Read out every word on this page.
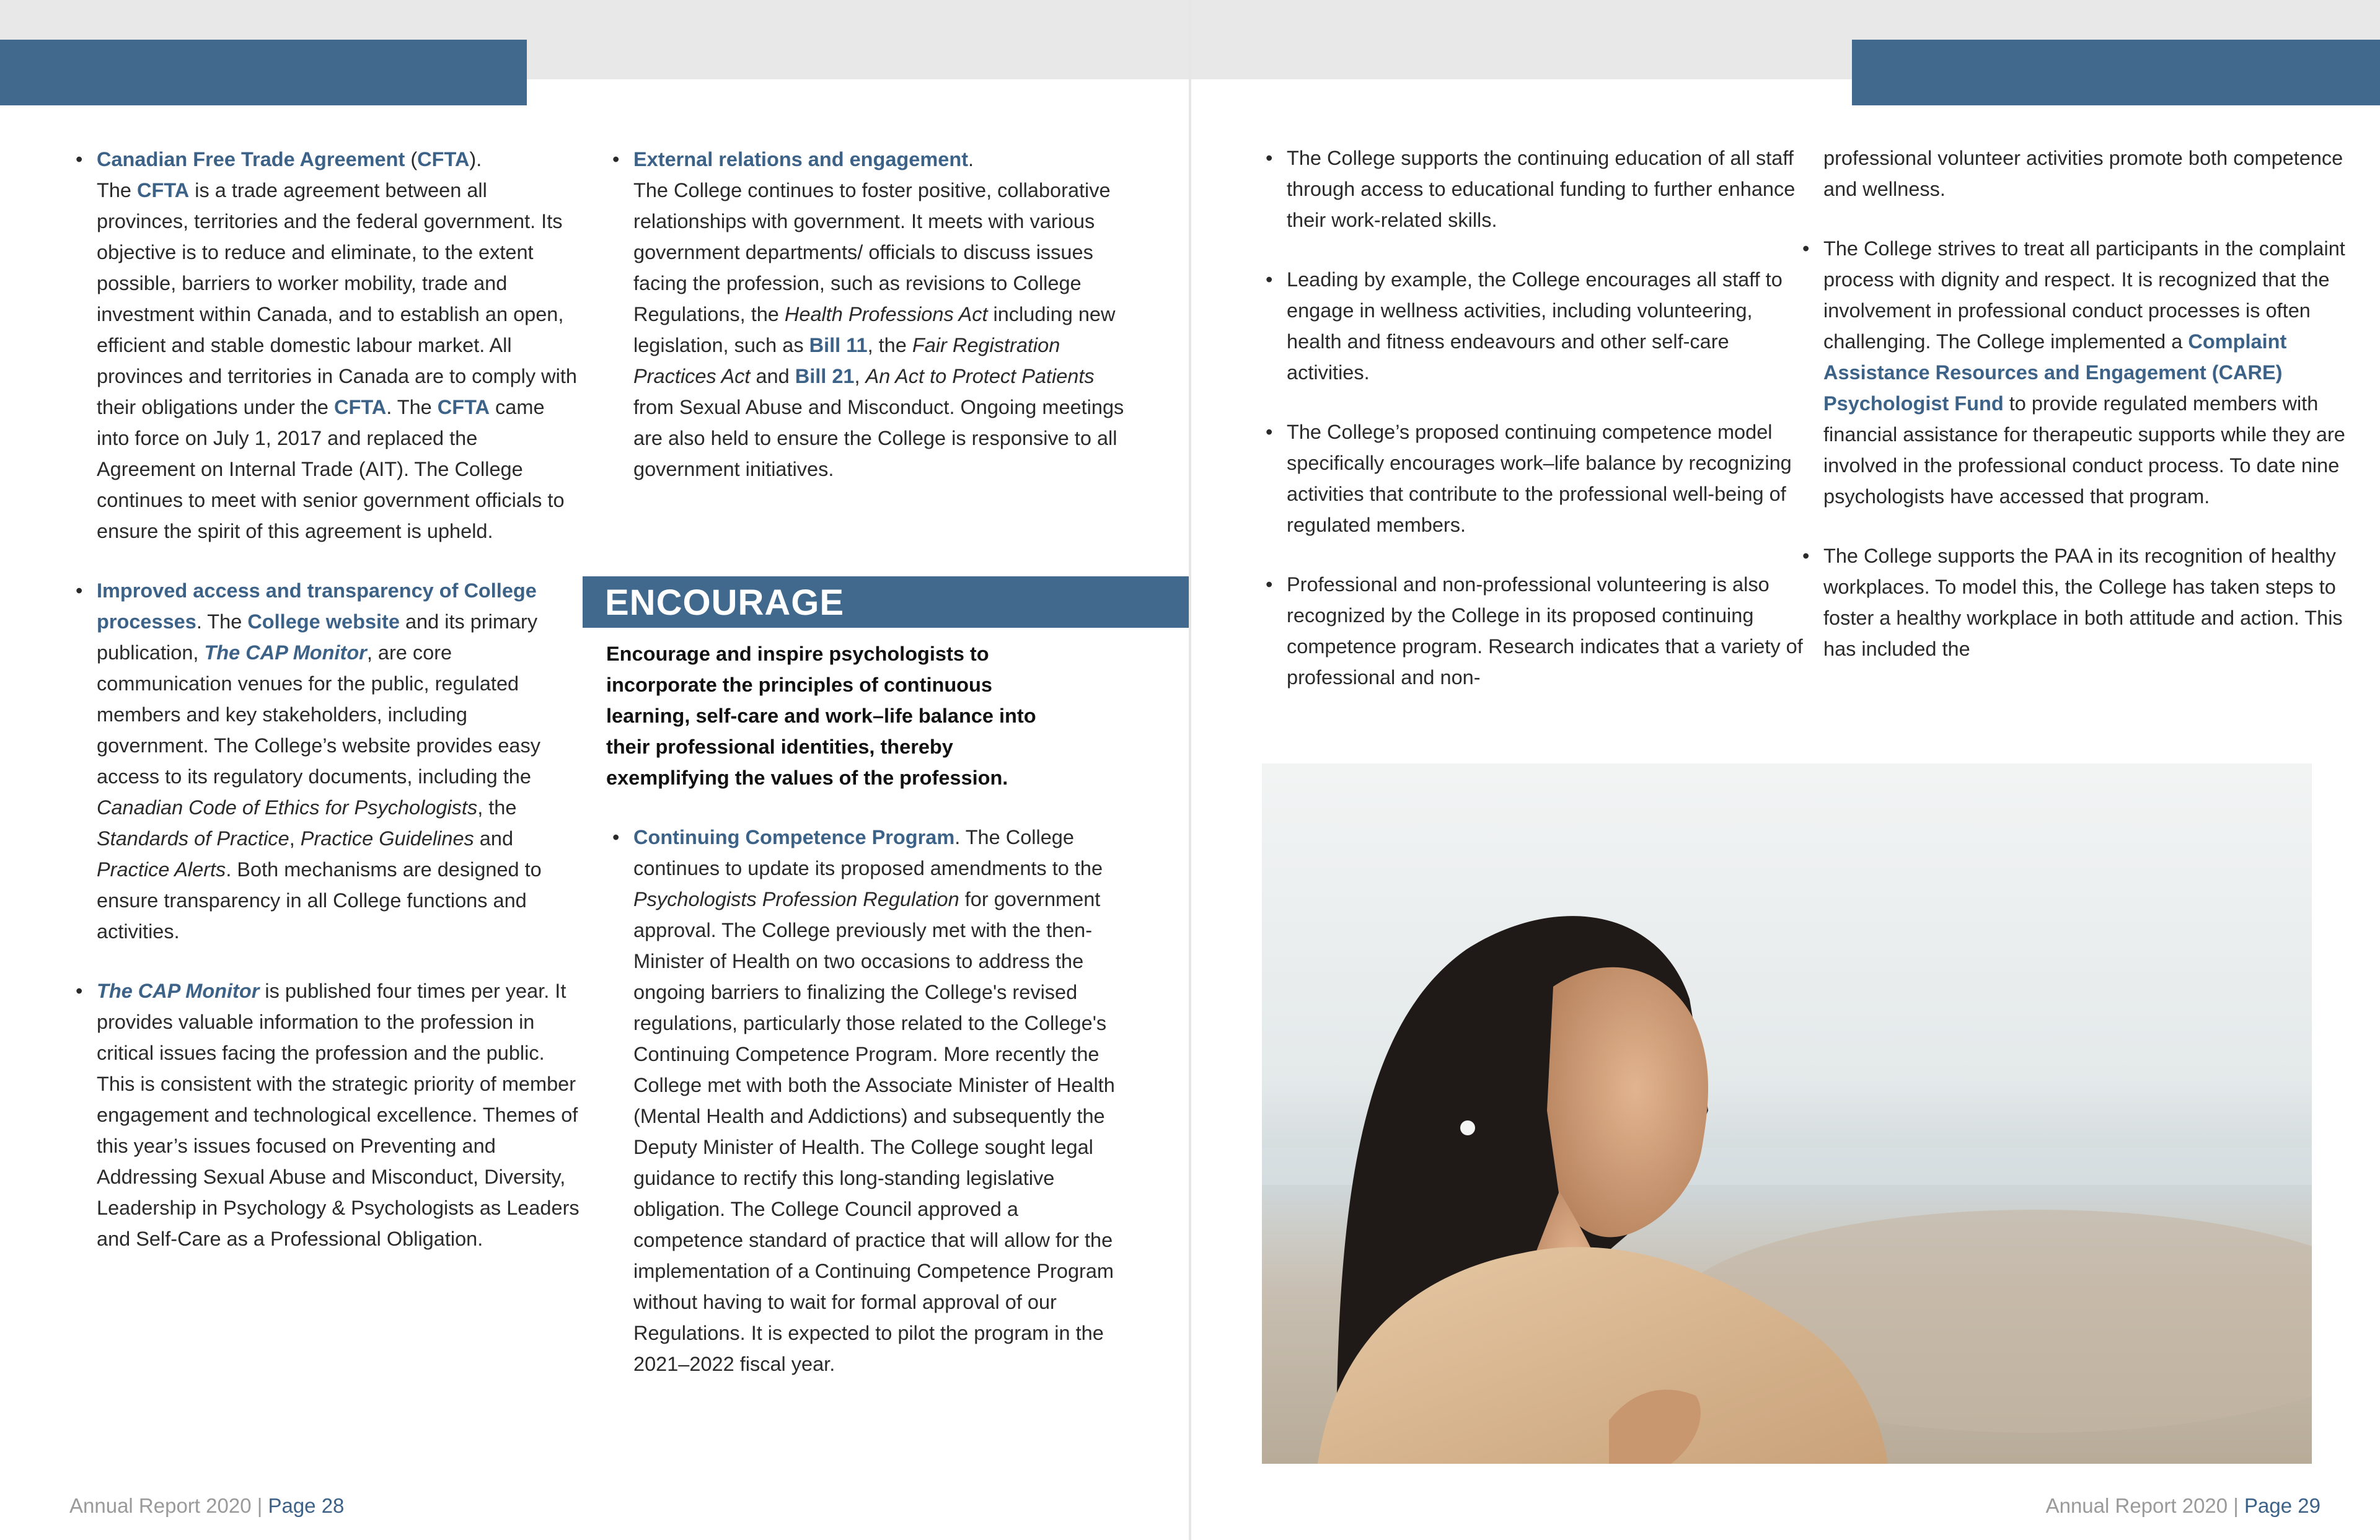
• Canadian Free Trade Agreement (CFTA).
The CFTA is a trade agreement between all provinces, territories and the federal government. Its objective is to reduce and eliminate, to the extent possible, barriers to worker mobility, trade and investment within Canada, and to establish an open, efficient and stable domestic labour market. All provinces and territories in Canada are to comply with their obligations under the CFTA. The CFTA came into force on July 1, 2017 and replaced the Agreement on Internal Trade (AIT). The College continues to meet with senior government officials to ensure the spirit of this agreement is upheld.
• Improved access and transparency of College processes. The College website and its primary publication, The CAP Monitor, are core communication venues for the public, regulated members and key stakeholders, including government. The College’s website provides easy access to its regulatory documents, including the Canadian Code of Ethics for Psychologists, the Standards of Practice, Practice Guidelines and Practice Alerts. Both mechanisms are designed to ensure transparency in all College functions and activities.
• The CAP Monitor is published four times per year. It provides valuable information to the profession in critical issues facing the profession and the public. This is consistent with the strategic priority of member engagement and technological excellence. Themes of this year’s issues focused on Preventing and Addressing Sexual Abuse and Misconduct, Diversity, Leadership in Psychology & Psychologists as Leaders and Self-Care as a Professional Obligation.
• External relations and engagement.
The College continues to foster positive, collaborative relationships with government. It meets with various government departments/ officials to discuss issues facing the profession, such as revisions to College Regulations, the Health Professions Act including new legislation, such as Bill 11, the Fair Registration Practices Act and Bill 21, An Act to Protect Patients from Sexual Abuse and Misconduct. Ongoing meetings are also held to ensure the College is responsive to all government initiatives.
ENCOURAGE
Encourage and inspire psychologists to incorporate the principles of continuous learning, self-care and work–life balance into their professional identities, thereby exemplifying the values of the profession.
• Continuing Competence Program. The College continues to update its proposed amendments to the Psychologists Profession Regulation for government approval. The College previously met with the then-Minister of Health on two occasions to address the ongoing barriers to finalizing the College's revised regulations, particularly those related to the College's Continuing Competence Program. More recently the College met with both the Associate Minister of Health (Mental Health and Addictions) and subsequently the Deputy Minister of Health. The College sought legal guidance to rectify this long-standing legislative obligation. The College Council approved a competence standard of practice that will allow for the implementation of a Continuing Competence Program without having to wait for formal approval of our Regulations. It is expected to pilot the program in the 2021–2022 fiscal year.
Annual Report 2020 | Page 28
• The College supports the continuing education of all staff through access to educational funding to further enhance their work-related skills.
• Leading by example, the College encourages all staff to engage in wellness activities, including volunteering, health and fitness endeavours and other self-care activities.
• The College’s proposed continuing competence model specifically encourages work–life balance by recognizing activities that contribute to the professional well-being of regulated members.
• Professional and non-professional volunteering is also recognized by the College in its proposed continuing competence program. Research indicates that a variety of professional and non-

professional volunteer activities promote both competence and wellness.

• The College strives to treat all participants in the complaint process with dignity and respect. It is recognized that the involvement in professional conduct processes is often challenging. The College implemented a Complaint Assistance Resources and Engagement (CARE) Psychologist Fund to provide regulated members with financial assistance for therapeutic supports while they are involved in the professional conduct process. To date nine psychologists have accessed that program.
• The College supports the PAA in its recognition of healthy workplaces. To model this, the College has taken steps to foster a healthy workplace in both attitude and action. This has included the
Annual Report 2020 | Page 29
